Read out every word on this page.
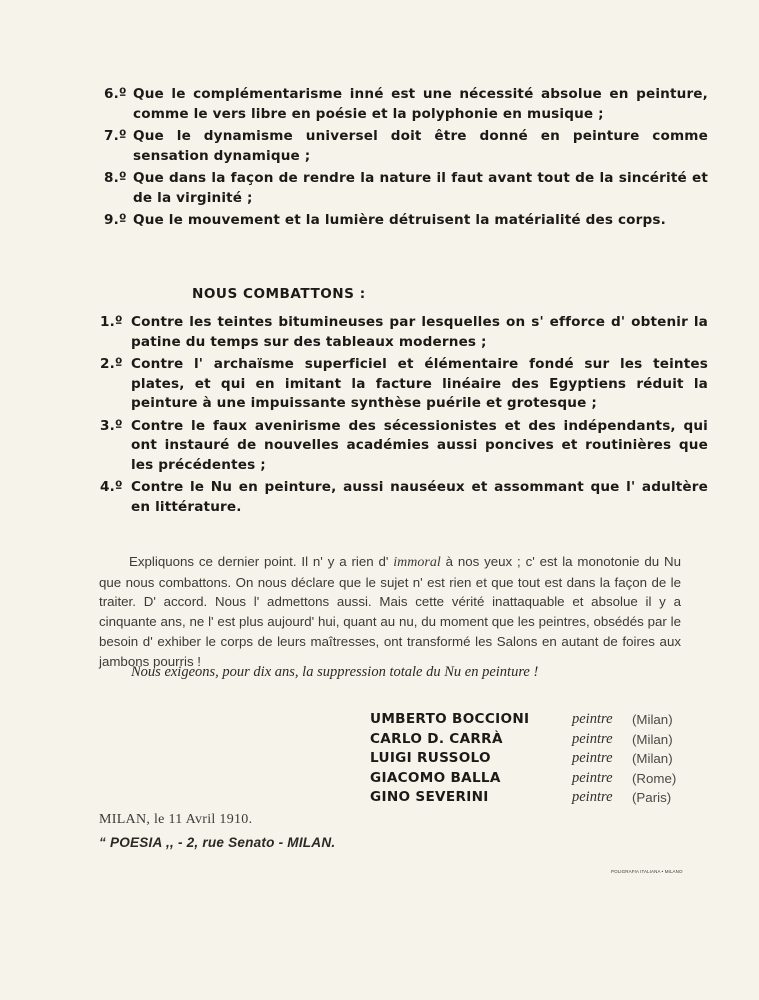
6.º Que le complémentarisme inné est une nécessité absolue en peinture, comme le vers libre en poésie et la polyphonie en musique ;
7.º Que le dynamisme universel doit être donné en peinture comme sensation dynamique ;
8.º Que dans la façon de rendre la nature il faut avant tout de la sincérité et de la virginité ;
9.º Que le mouvement et la lumière détruisent la matérialité des corps.
NOUS COMBATTONS :
1.º Contre les teintes bitumineuses par lesquelles on s' efforce d' obtenir la patine du temps sur des tableaux modernes ;
2.º Contre l' archaïsme superficiel et élémentaire fondé sur les teintes plates, et qui en imitant la facture linéaire des Egyptiens réduit la peinture à une impuissante synthèse puérile et grotesque ;
3.º Contre le faux avenirisme des sécessionistes et des indépendants, qui ont instauré de nouvelles académies aussi poncives et routinières que les précédentes ;
4.º Contre le Nu en peinture, aussi nauséeux et assommant que l' adultère en littérature.

Expliquons ce dernier point. Il n' y a rien d' immoral à nos yeux ; c' est la monotonie du Nu que nous combattons. On nous déclare que le sujet n' est rien et que tout est dans la façon de le traiter. D' accord. Nous l' admettons aussi. Mais cette vérité inattaquable et absolue il y a cinquante ans, ne l' est plus aujourd' hui, quant au nu, du moment que les peintres, obsédés par le besoin d' exhiber le corps de leurs maîtresses, ont transformé les Salons en autant de foires aux jambons pourris !

Nous exigeons, pour dix ans, la suppression totale du Nu en peinture !

UMBERTO BOCCIONI	peintre (Milan)
CARLO D. CARRÀ	peintre (Milan)
LUIGI RUSSOLO	peintre (Milan)
GIACOMO BALLA	peintre (Rome)
GINO SEVERINI	peintre (Paris)
MILAN, le 11 Avril 1910.
“ POESIA ,, - 2, rue Senato - MILAN.
POLIGRAFIA ITALIANA • MILANO
